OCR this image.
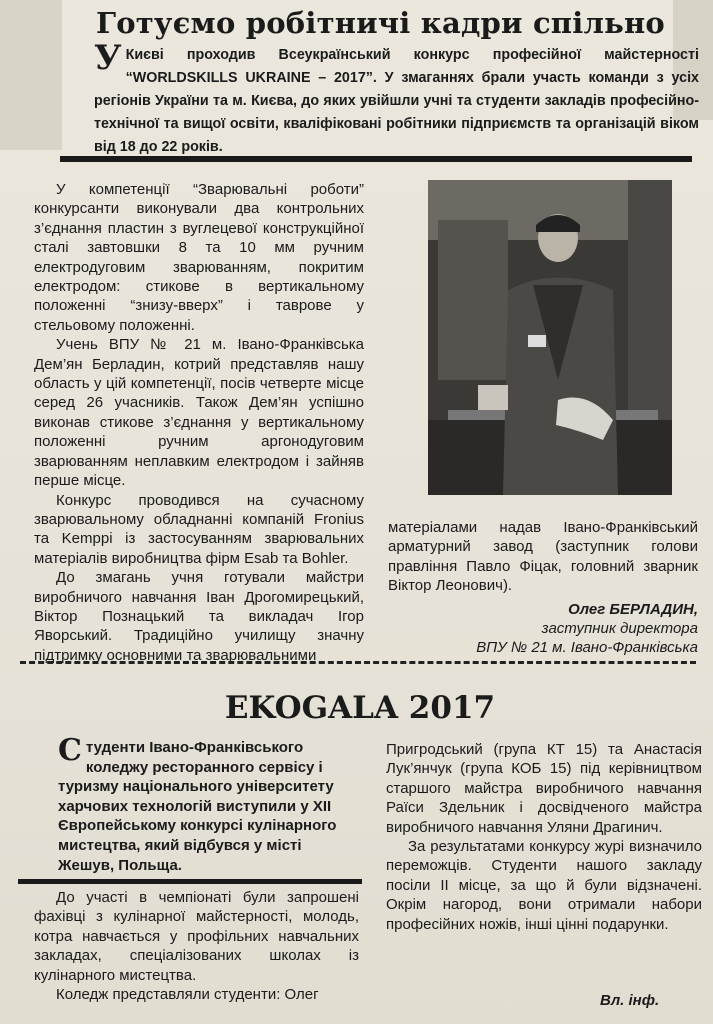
Готуємо робітничі кадри спільно
У Києві проходив Всеукраїнський конкурс професійної майстерності “WORLDSKILLS UKRAINE – 2017”. У змаганнях брали участь команди з усіх регіонів України та м. Києва, до яких увійшли учні та студенти закладів професійно-технічної та вищої освіти, кваліфіковані робітники підприємств та організацій віком від 18 до 22 років.

У компетенції “Зварювальні роботи” конкурсанти виконували два контрольних з’єднання пластин з вуглецевої конструкційної сталі завтовшки 8 та 10 мм ручним електродуговим зварюванням, покритим електродом: стикове в вертикальному положенні “знизу-вверх” і таврове у стельовому положенні.

Учень ВПУ № 21 м. Івано-Франківська Дем’ян Берладин, котрий представляв нашу область у цій компетенції, посів четверте місце серед 26 учасників. Також Дем’ян успішно виконав стикове з’єднання у вертикальному положенні ручним аргонодуговим зварюванням неплавким електродом і зайняв перше місце.

Конкурс проводився на сучасному зварювальному обладнанні компаній Fronius та Kemppi із застосуванням зварювальних матеріалів виробництва фірм Esab та Bohler.

До змагань учня готували майстри виробничого навчання Іван Дрогомирецький, Віктор Познацький та викладач Ігор Яворський. Традиційно училищу значну підтримку основними та зварювальними

матеріалами надав Івано-Франківський арматурний завод (заступник голови правління Павло Фіцак, головний зварник Віктор Леонович).

Олег БЕРЛАДИН,
заступник директора
ВПУ № 21 м. Івано-Франківська
EKOGALA 2017
Студенти Івано-Франківського коледжу ресторанного сервісу і туризму національного університету харчових технологій виступили у ХІІ Європейському конкурсі кулінарного мистецтва, який відбувся у місті Жешув, Польща.

До участі в чемпіонаті були запрошені фахівці з кулінарної майстерності, молодь, котра навчається у профільних навчальних закладах, спеціалізованих школах із кулінарного мистецтва.

Коледж представляли студенти: Олег

Пригродський (група КТ 15) та Анастасія Лук’янчук (група КОБ 15) під керівництвом старшого майстра виробничого навчання Раїси Здельник і досвідченого майстра виробничого навчання Уляни Драгинич.

За результатами конкурсу журі визначило переможців. Студенти нашого закладу посіли ІІ місце, за що й були відзначені. Окрім нагород, вони отримали набори професійних ножів, інші цінні подарунки.

Вл. інф.
